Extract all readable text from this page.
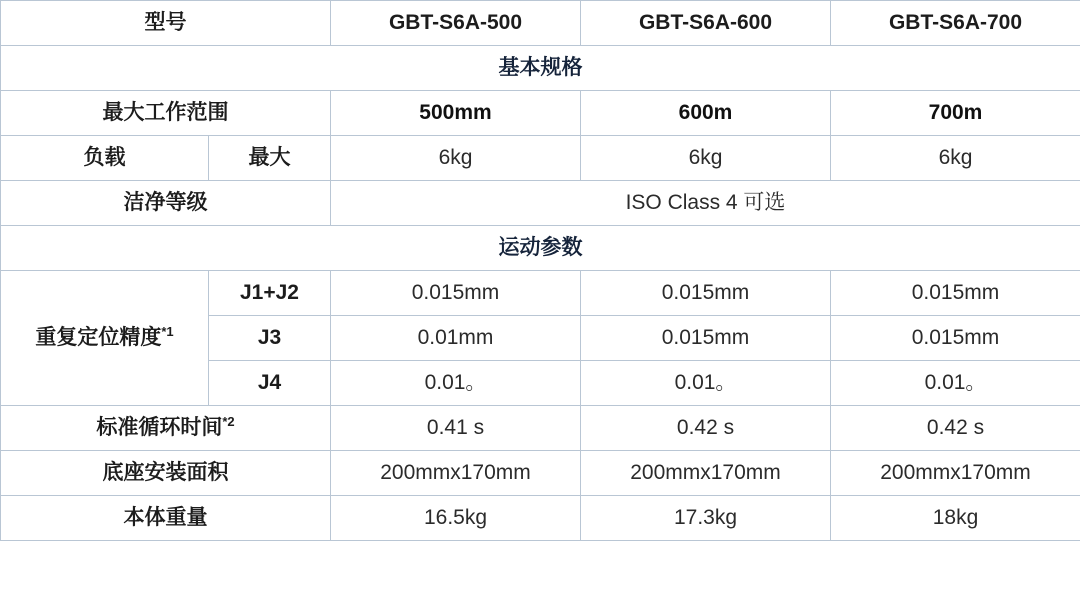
型号		GBT-S6A-500	GBT-S6A-600	GBT-S6A-700
基本规格				
最大工作范围		500mm	600m	700m
负载	最大	6kg	6kg	6kg
洁净等级		ISO Class 4 可选		
运动参数				
重复定位精度$^{*1}$	J1+J2	0.015mm	0.015mm	0.015mm
	J3	0.01mm	0.015mm	0.015mm
	J4	0.01。	0.01。	0.01。
标准循环时间$^{*2}$		0.41 s	0.42 s	0.42 s
底座安装面积		200mmx170mm	200mmx170mm	200mmx170mm
本体重量		16.5kg	17.3kg	18kg
